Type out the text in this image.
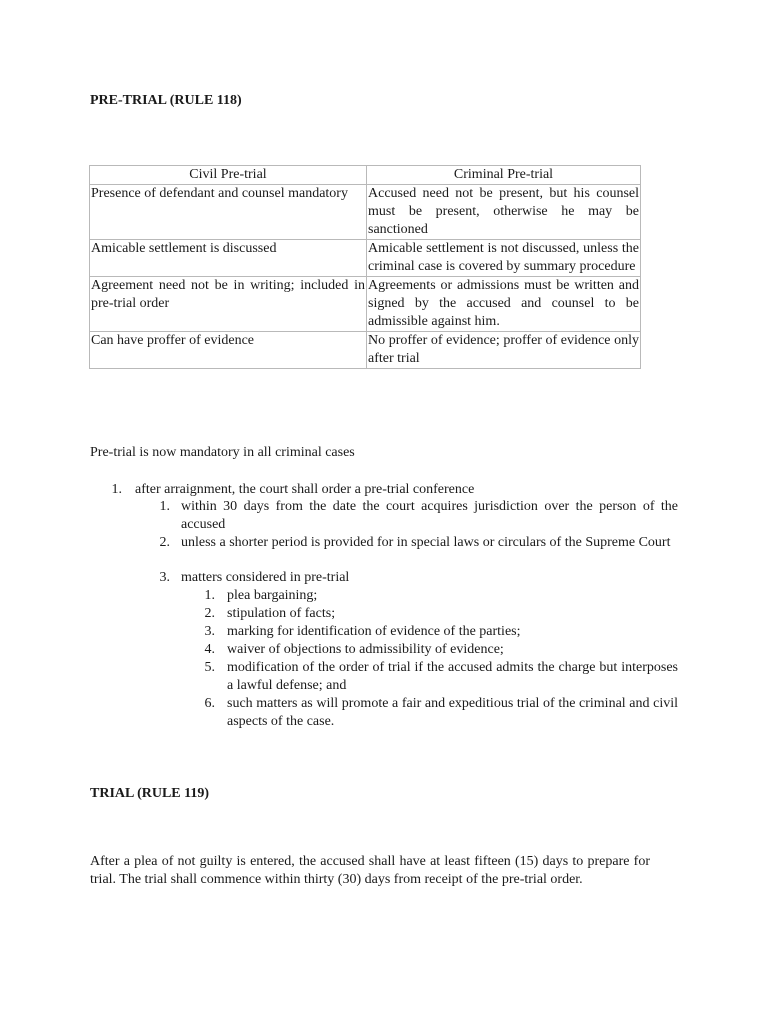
PRE-TRIAL (RULE 118)
Civil Pre-trial	Criminal Pre-trial
Presence of defendant and counsel mandatory	Accused need not be present, but his counsel must be present, otherwise he may be sanctioned
Amicable settlement is discussed	Amicable settlement is not discussed, unless the criminal case is covered by summary procedure
Agreement need not be in writing; included in pre-trial order	Agreements or admissions must be written and signed by the accused and counsel to be admissible against him.
Can have proffer of evidence	No proffer of evidence; proffer of evidence only after trial
Pre-trial is now mandatory in all criminal cases
1. after arraignment, the court shall order a pre-trial conference
1. within 30 days from the date the court acquires jurisdiction over the person of the accused
2. unless a shorter period is provided for in special laws or circulars of the Supreme Court
3. matters considered in pre-trial
1. plea bargaining;
2. stipulation of facts;
3. marking for identification of evidence of the parties;
4. waiver of objections to admissibility of evidence;
5. modification of the order of trial if the accused admits the charge but interposes a lawful defense; and
6. such matters as will promote a fair and expeditious trial of the criminal and civil aspects of the case.
TRIAL (RULE 119)
After a plea of not guilty is entered, the accused shall have at least fifteen (15) days to prepare for trial. The trial shall commence within thirty (30) days from receipt of the pre-trial order.
